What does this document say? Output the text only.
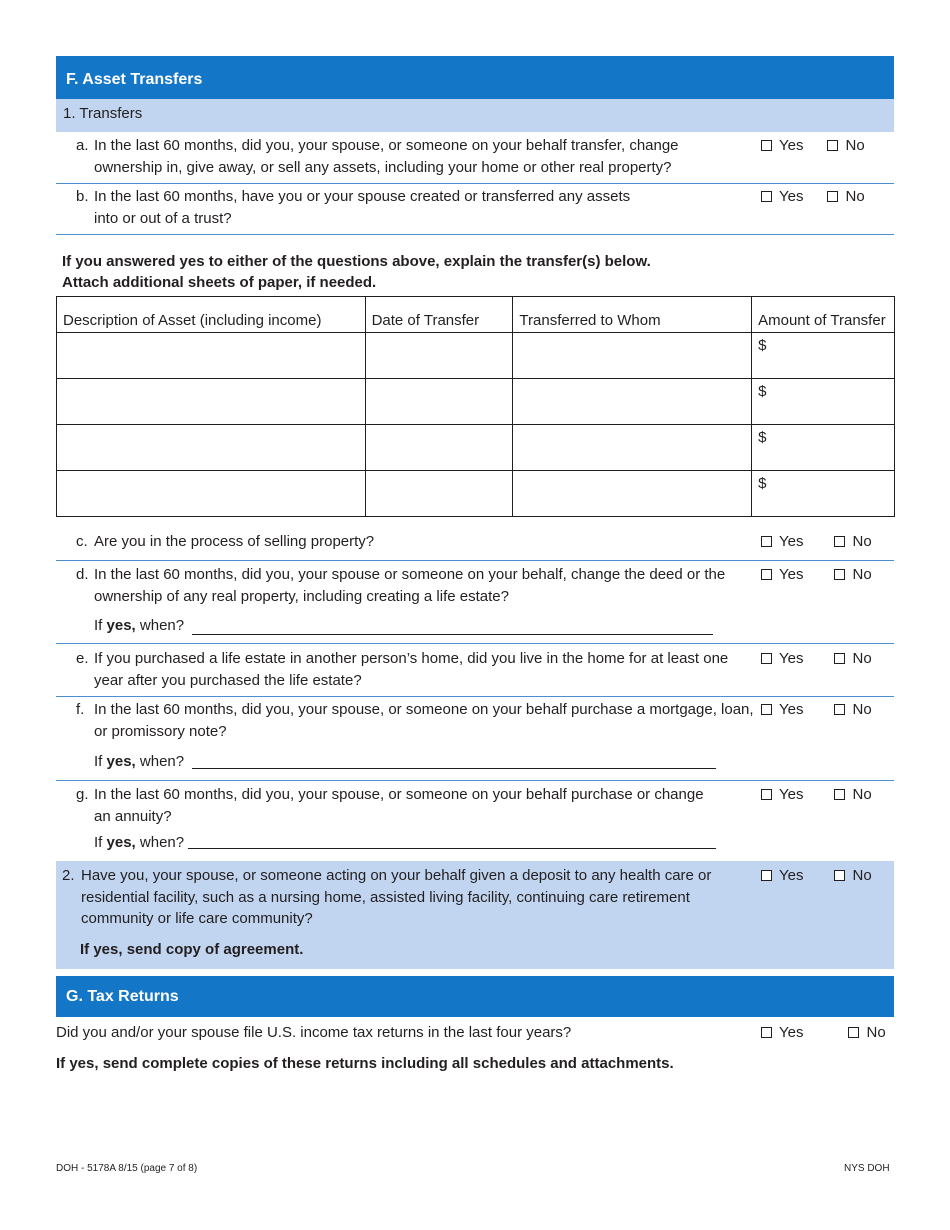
F. Asset Transfers
1. Transfers
a. In the last 60 months, did you, your spouse, or someone on your behalf transfer, change
ownership in, give away, or sell any assets, including your home or other real property?
Yes	No
b. In the last 60 months, have you or your spouse created or transferred any assets
into or out of a trust?
Yes	No
If you answered yes to either of the questions above, explain the transfer(s) below.
Attach additional sheets of paper, if needed.
Description of Asset (including income)	Date of Transfer	Transferred to Whom	Amount of Transfer
			$
			$
			$
			$
c. Are you in the process of selling property?	Yes	No
d. In the last 60 months, did you, your spouse or someone on your behalf, change the deed or the
ownership of any real property, including creating a life estate?
Yes	No
If yes, when?
e. If you purchased a life estate in another person’s home, did you live in the home for at least one
year after you purchased the life estate?
Yes	No
f. In the last 60 months, did you, your spouse, or someone on your behalf purchase a mortgage, loan,
or promissory note?
Yes	No
If yes, when?
g. In the last 60 months, did you, your spouse, or someone on your behalf purchase or change
an annuity?
Yes	No
If yes, when?
2. Have you, your spouse, or someone acting on your behalf given a deposit to any health care or
residential facility, such as a nursing home, assisted living facility, continuing care retirement
community or life care community?
If yes, send copy of agreement.
Yes	No
G. Tax Returns
Did you and/or your spouse file U.S. income tax returns in the last four years?	Yes	No
If yes, send complete copies of these returns including all schedules and attachments.
DOH - 5178A 8/15 (page 7 of 8)	NYS DOH
